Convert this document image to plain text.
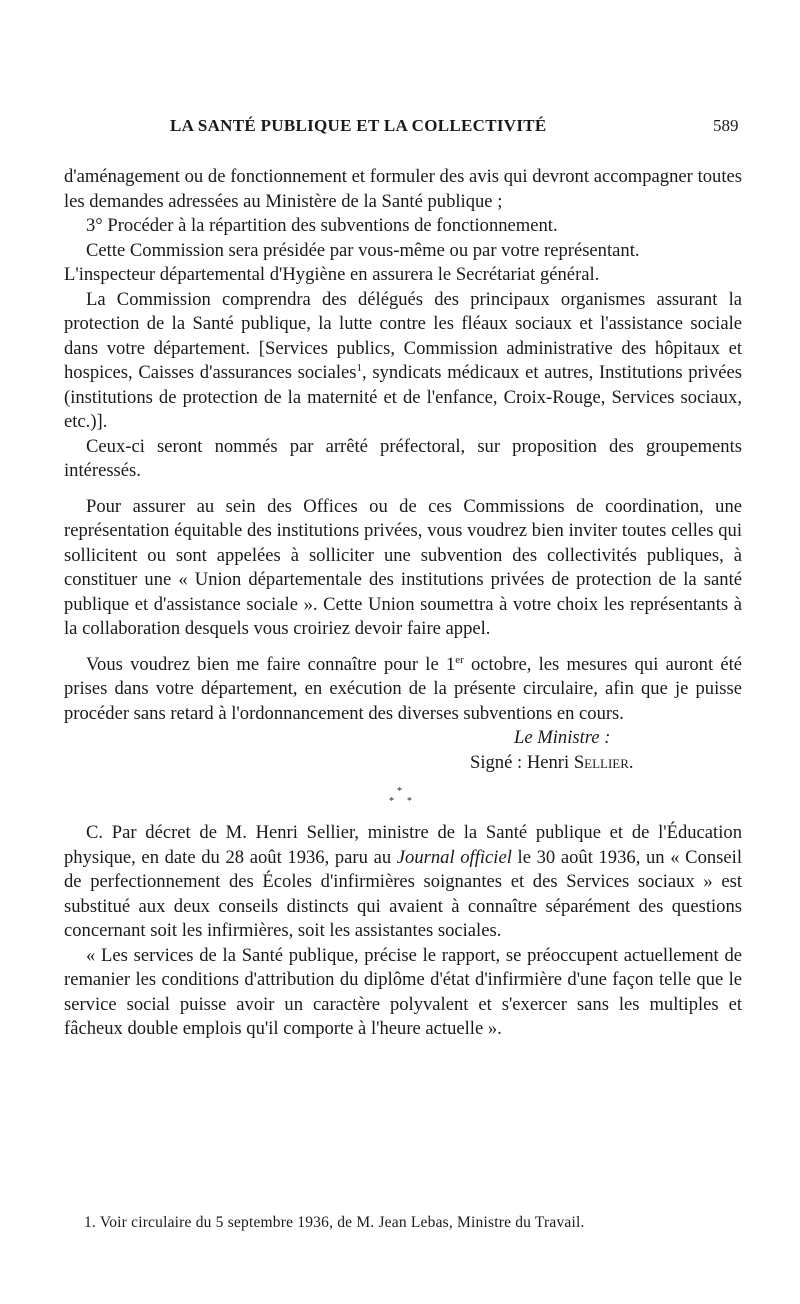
LA SANTÉ PUBLIQUE ET LA COLLECTIVITÉ	589

d'aménagement ou de fonctionnement et formuler des avis qui devront accompagner toutes les demandes adressées au Ministère de la Santé publique ;

3° Procéder à la répartition des subventions de fonctionnement.

Cette Commission sera présidée par vous-même ou par votre représentant.

L'inspecteur départemental d'Hygiène en assurera le Secrétariat général.

La Commission comprendra des délégués des principaux organismes assurant la protection de la Santé publique, la lutte contre les fléaux sociaux et l'assistance sociale dans votre département. [Services publics, Commission administrative des hôpitaux et hospices, Caisses d'assurances sociales$^1$, syndicats médicaux et autres, Institutions privées (institutions de protection de la maternité et de l'enfance, Croix-Rouge, Services sociaux, etc.)].

Ceux-ci seront nommés par arrêté préfectoral, sur proposition des groupements intéressés.

Pour assurer au sein des Offices ou de ces Commissions de coordination, une représentation équitable des institutions privées, vous voudrez bien inviter toutes celles qui sollicitent ou sont appelées à solliciter une subvention des collectivités publiques, à constituer une « Union départementale des institutions privées de protection de la santé publique et d'assistance sociale ». Cette Union soumettra à votre choix les représentants à la collaboration desquels vous croiriez devoir faire appel.

Vous voudrez bien me faire connaître pour le 1er octobre, les mesures qui auront été prises dans votre département, en exécution de la présente circulaire, afin que je puisse procéder sans retard à l'ordonnancement des diverses subventions en cours.

Le Ministre :

Signé : Henri Sellier.

*
* *

C. Par décret de M. Henri Sellier, ministre de la Santé publique et de l'Éducation physique, en date du 28 août 1936, paru au Journal officiel le 30 août 1936, un « Conseil de perfectionnement des Écoles d'infirmières soignantes et des Services sociaux » est substitué aux deux conseils distincts qui avaient à connaître séparément des questions concernant soit les infirmières, soit les assistantes sociales.

« Les services de la Santé publique, précise le rapport, se préoccupent actuellement de remanier les conditions d'attribution du diplôme d'état d'infirmière d'une façon telle que le service social puisse avoir un caractère polyvalent et s'exercer sans les multiples et fâcheux double emplois qu'il comporte à l'heure actuelle ».

1. Voir circulaire du 5 septembre 1936, de M. Jean Lebas, Ministre du Travail.
